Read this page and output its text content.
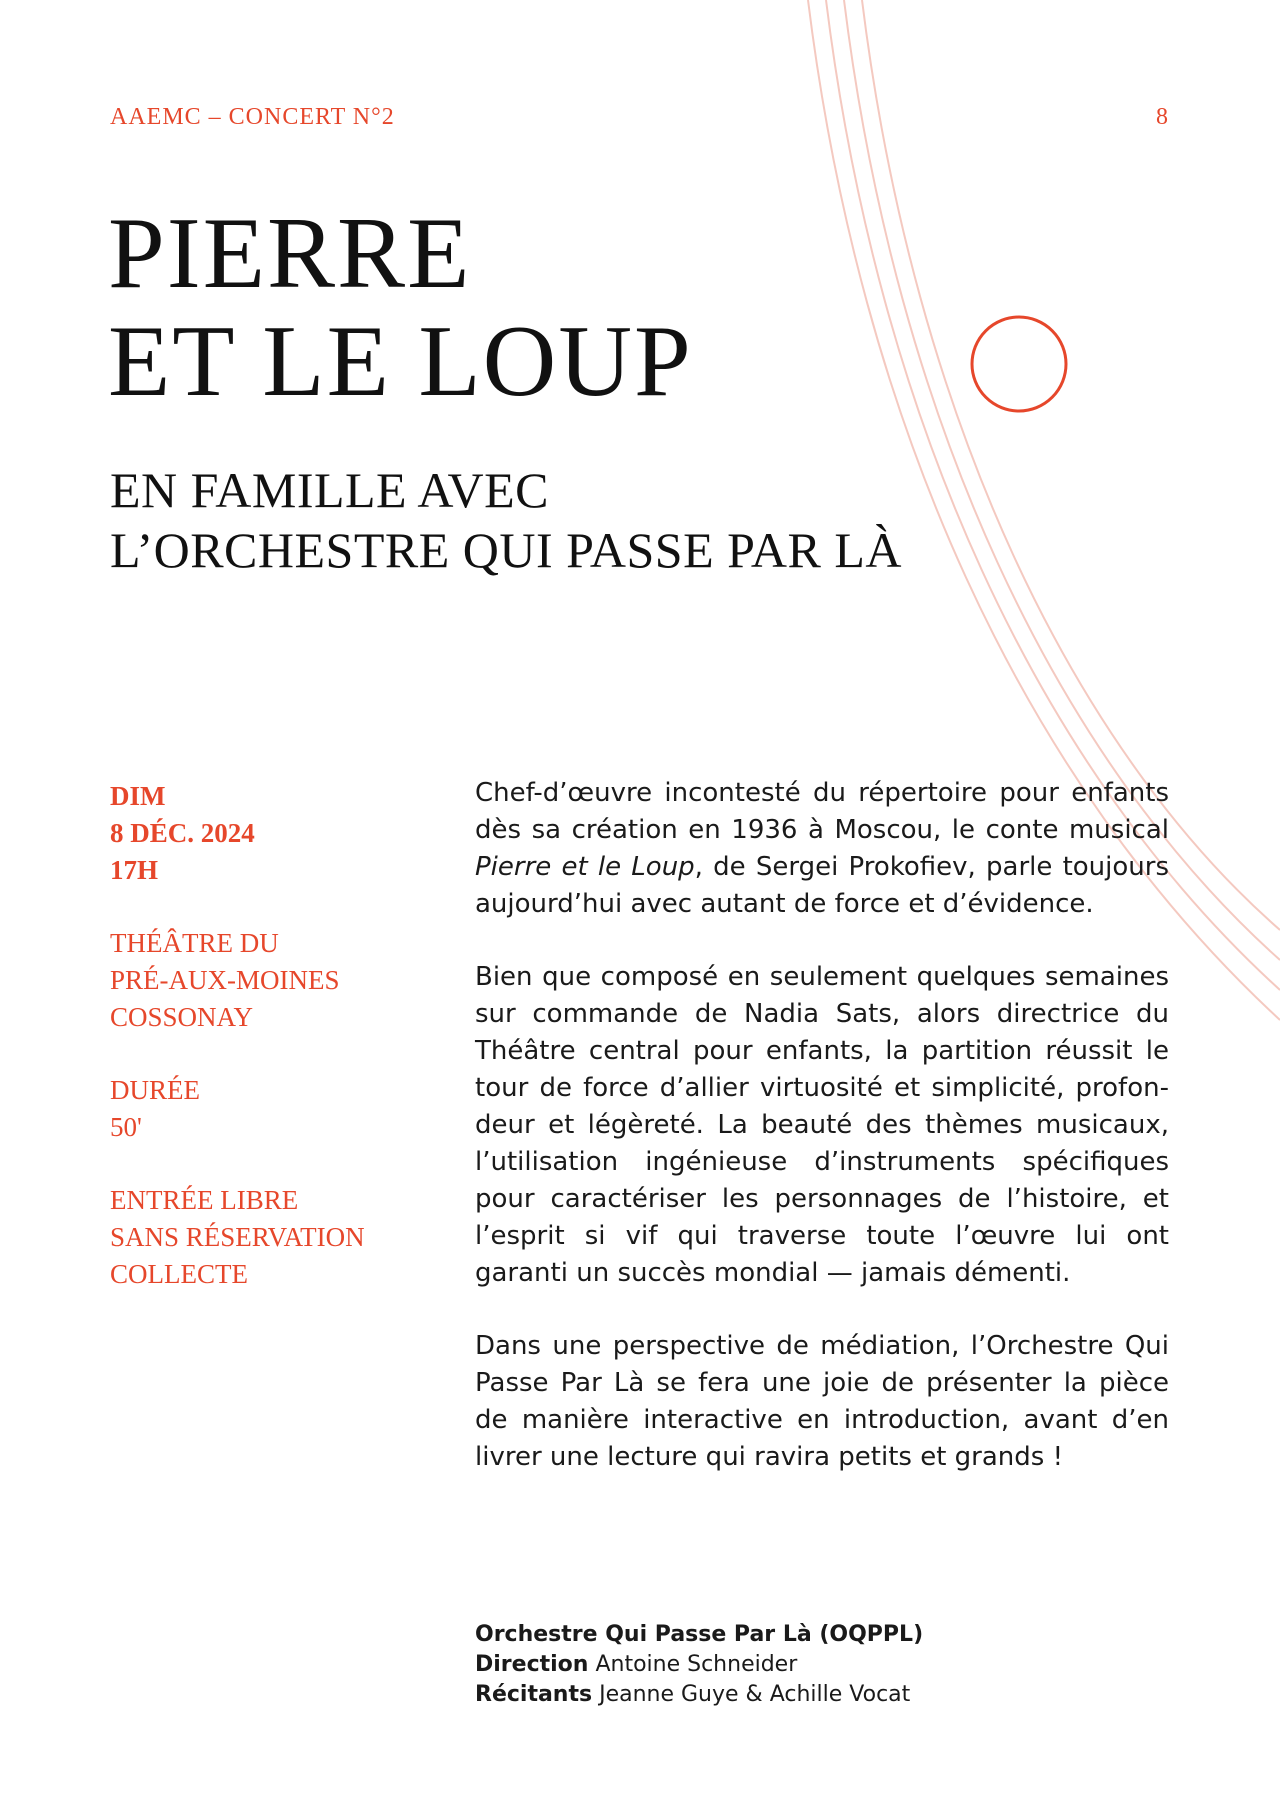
AAEMC – CONCERT N°2	8
PIERRE
ET LE LOUP
EN FAMILLE AVEC
L’ORCHESTRE QUI PASSE PAR LÀ
DIM
8 DÉC. 2024
17H
THÉÂTRE DU
PRÉ-AUX-MOINES
COSSONAY
DURÉE
50'
ENTRÉE LIBRE
SANS RÉSERVATION
COLLECTE

Chef-d’œuvre incontesté du répertoire pour enfants dès sa création en 1936 à Moscou, le conte musical Pierre et le Loup, de Sergei Prokofiev, parle toujours aujourd’hui avec autant de force et d’évidence.

Bien que composé en seulement quelques semaines sur commande de Nadia Sats, alors directrice du Théâtre central pour enfants, la partition réussit le tour de force d’allier virtuosité et simplicité, profondeur et légèreté. La beauté des thèmes musicaux, l’utilisation ingénieuse d’instruments spécifiques pour caractériser les personnages de l’histoire, et l’esprit si vif qui traverse toute l’œuvre lui ont garanti un succès mondial — jamais démenti.

Dans une perspective de médiation, l’Orchestre Qui Passe Par Là se fera une joie de présenter la pièce de manière interactive en introduction, avant d’en livrer une lecture qui ravira petits et grands !

Orchestre Qui Passe Par Là (OQPPL)
Direction Antoine Schneider
Récitants Jeanne Guye & Achille Vocat
